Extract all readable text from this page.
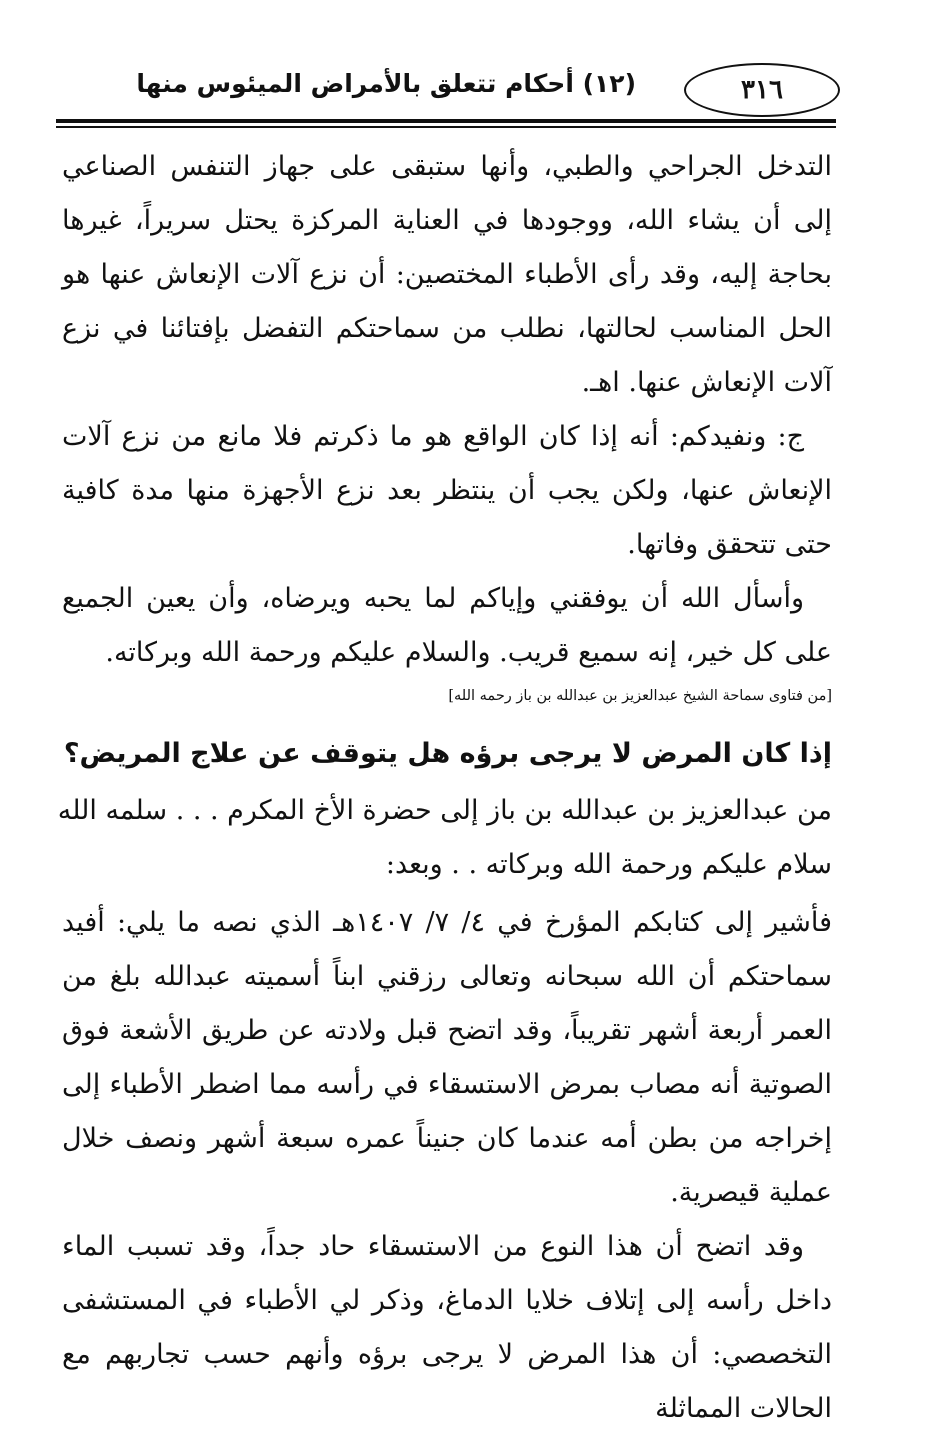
(١٢) أحكام تتعلق بالأمراض الميئوس منها	٣١٦

التدخل الجراحي والطبي، وأنها ستبقى على جهاز التنفس الصناعي إلى أن يشاء الله، ووجودها في العناية المركزة يحتل سريراً، غيرها بحاجة إليه، وقد رأى الأطباء المختصين: أن نزع آلات الإنعاش عنها هو الحل المناسب لحالتها، نطلب من سماحتكم التفضل بإفتائنا في نزع آلات الإنعاش عنها. اهـ.

ج: ونفيدكم: أنه إذا كان الواقع هو ما ذكرتم فلا مانع من نزع آلات الإنعاش عنها، ولكن يجب أن ينتظر بعد نزع الأجهزة منها مدة كافية حتى تتحقق وفاتها.

وأسأل الله أن يوفقني وإياكم لما يحبه ويرضاه، وأن يعين الجميع على كل خير، إنه سميع قريب. والسلام عليكم ورحمة الله وبركاته.

[من فتاوى سماحة الشيخ عبدالعزيز بن عبدالله بن باز رحمه الله]
إذا كان المرض لا يرجى برؤه هل يتوقف عن علاج المريض؟

من عبدالعزيز بن عبدالله بن باز إلى حضرة الأخ المكرم . . . سلمه الله

سلام عليكم ورحمة الله وبركاته . . وبعد:

فأشير إلى كتابكم المؤرخ في ٤/ ٧/ ١٤٠٧هـ الذي نصه ما يلي: أفيد سماحتكم أن الله سبحانه وتعالى رزقني ابناً أسميته عبدالله بلغ من العمر أربعة أشهر تقريباً، وقد اتضح قبل ولادته عن طريق الأشعة فوق الصوتية أنه مصاب بمرض الاستسقاء في رأسه مما اضطر الأطباء إلى إخراجه من بطن أمه عندما كان جنيناً عمره سبعة أشهر ونصف خلال عملية قيصرية.

وقد اتضح أن هذا النوع من الاستسقاء حاد جداً، وقد تسبب الماء داخل رأسه إلى إتلاف خلايا الدماغ، وذكر لي الأطباء في المستشفى التخصصي: أن هذا المرض لا يرجى برؤه وأنهم حسب تجاربهم مع الحالات المماثلة
